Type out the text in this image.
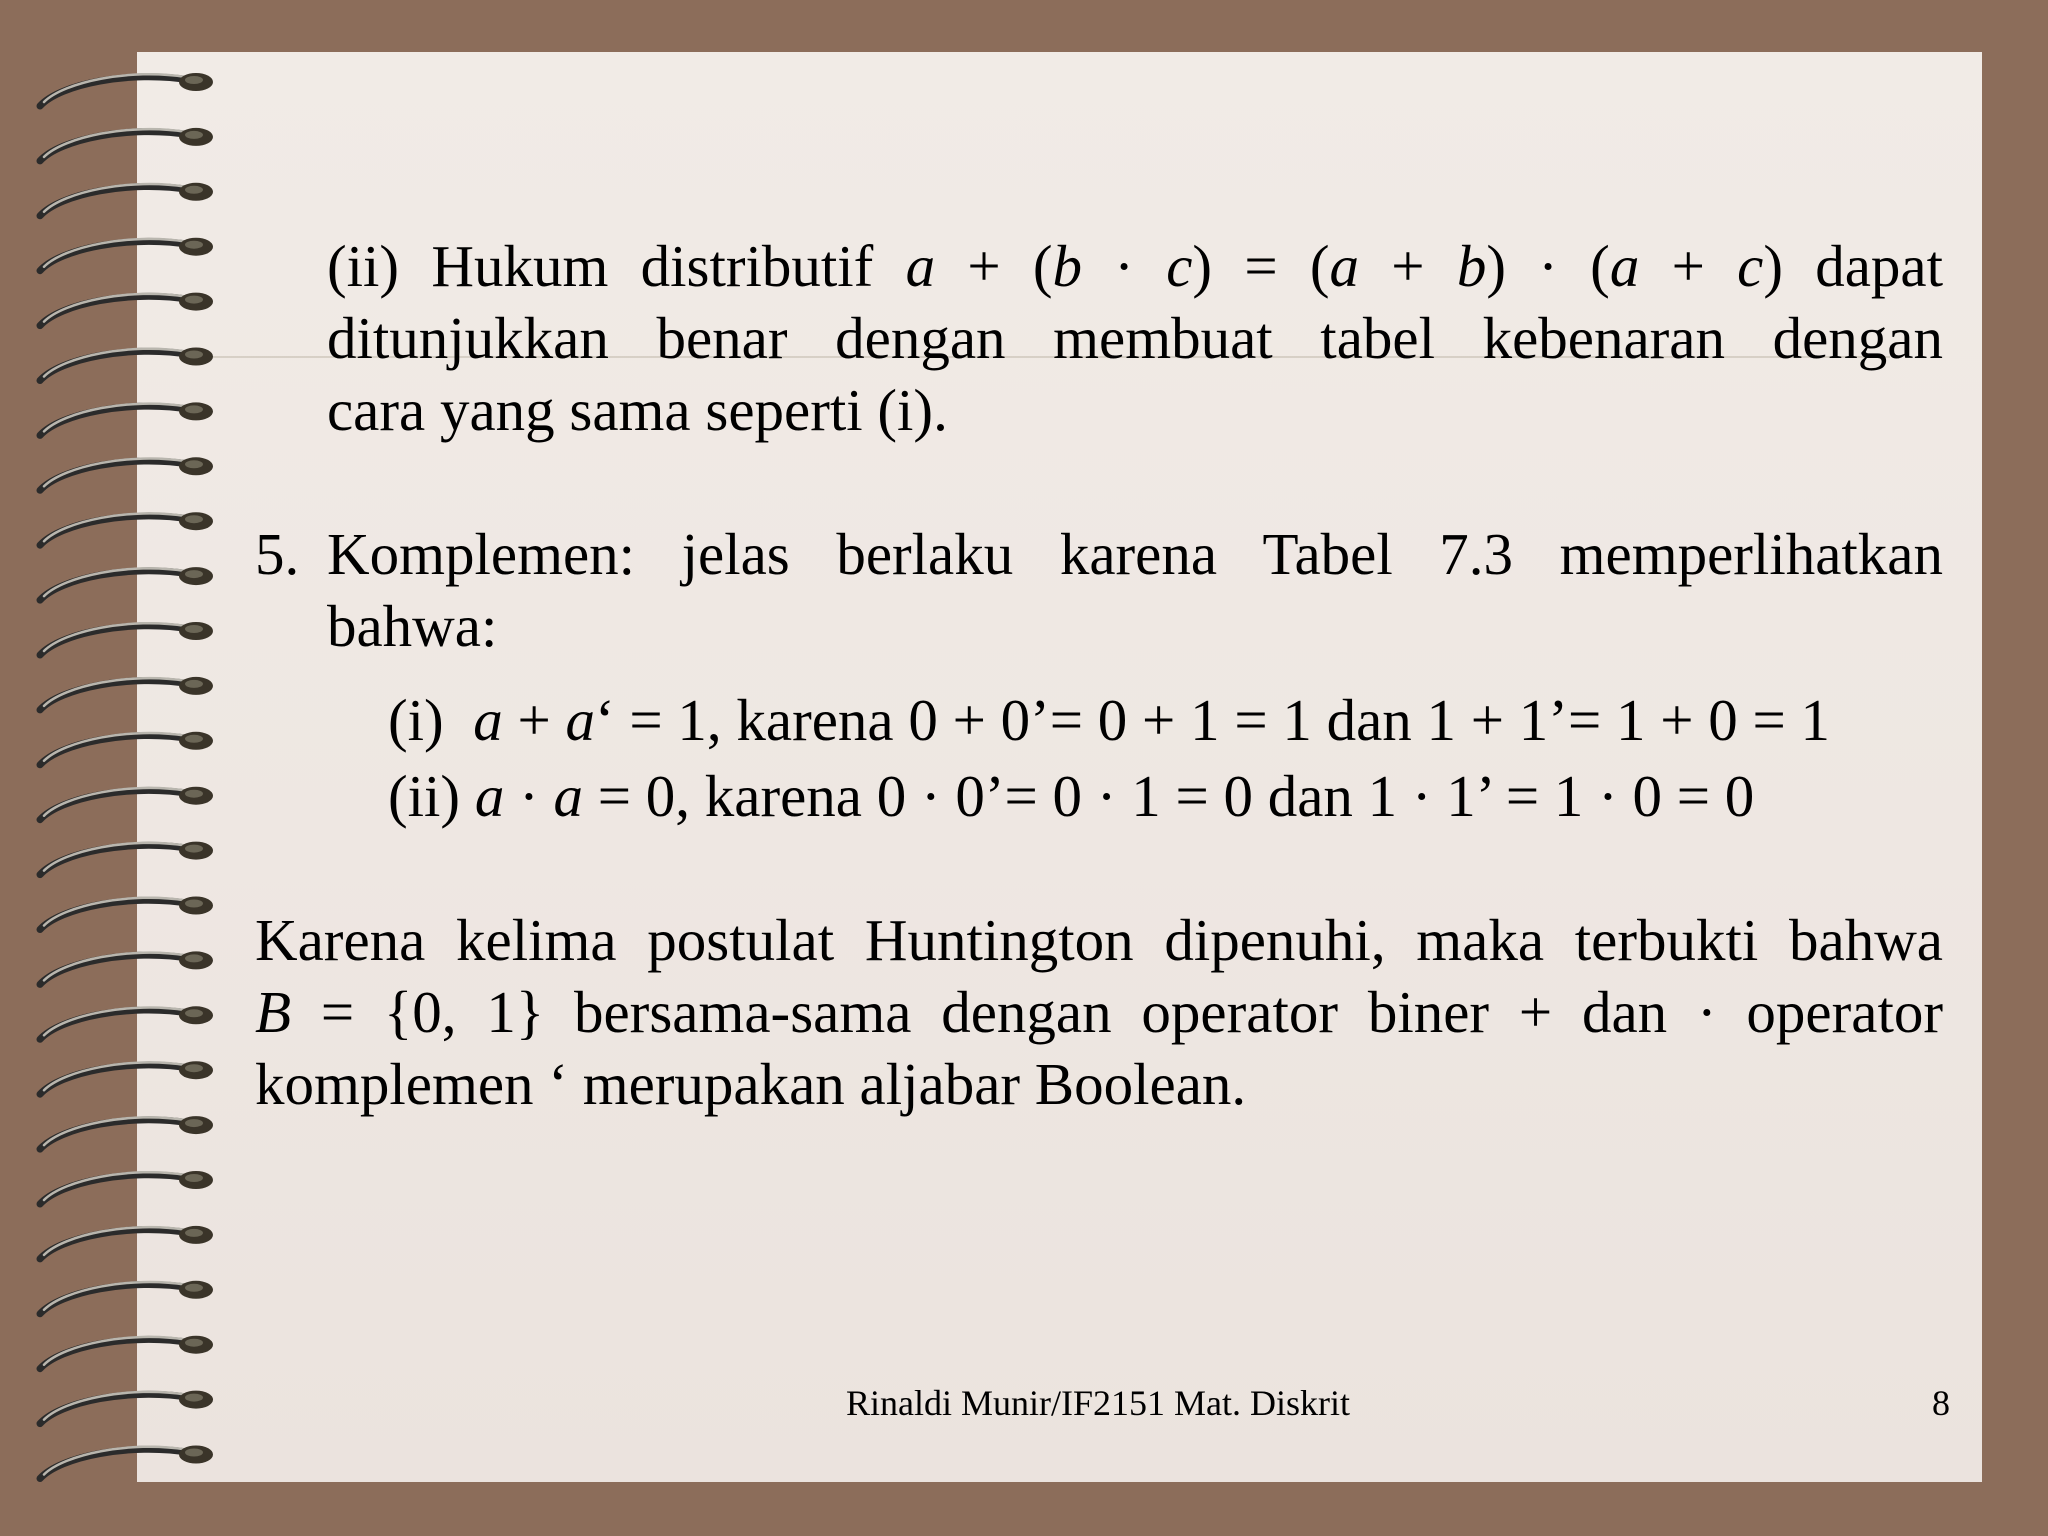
(ii) Hukum distributif a + (b · c) = (a + b) · (a + c) dapat
ditunjukkan benar dengan membuat tabel kebenaran dengan
cara yang sama seperti (i).
5. Komplemen: jelas berlaku karena Tabel 7.3 memperlihatkan
bahwa:
(i) a + a‘ = 1, karena 0 + 0’= 0 + 1 = 1 dan 1 + 1’= 1 + 0 = 1
(ii) a · a = 0, karena 0 · 0’= 0 · 1 = 0 dan 1 · 1’ = 1 · 0 = 0
Karena kelima postulat Huntington dipenuhi, maka terbukti bahwa
B = {0, 1} bersama-sama dengan operator biner + dan · operator
komplemen ‘ merupakan aljabar Boolean.
Rinaldi Munir/IF2151 Mat. Diskrit	8
